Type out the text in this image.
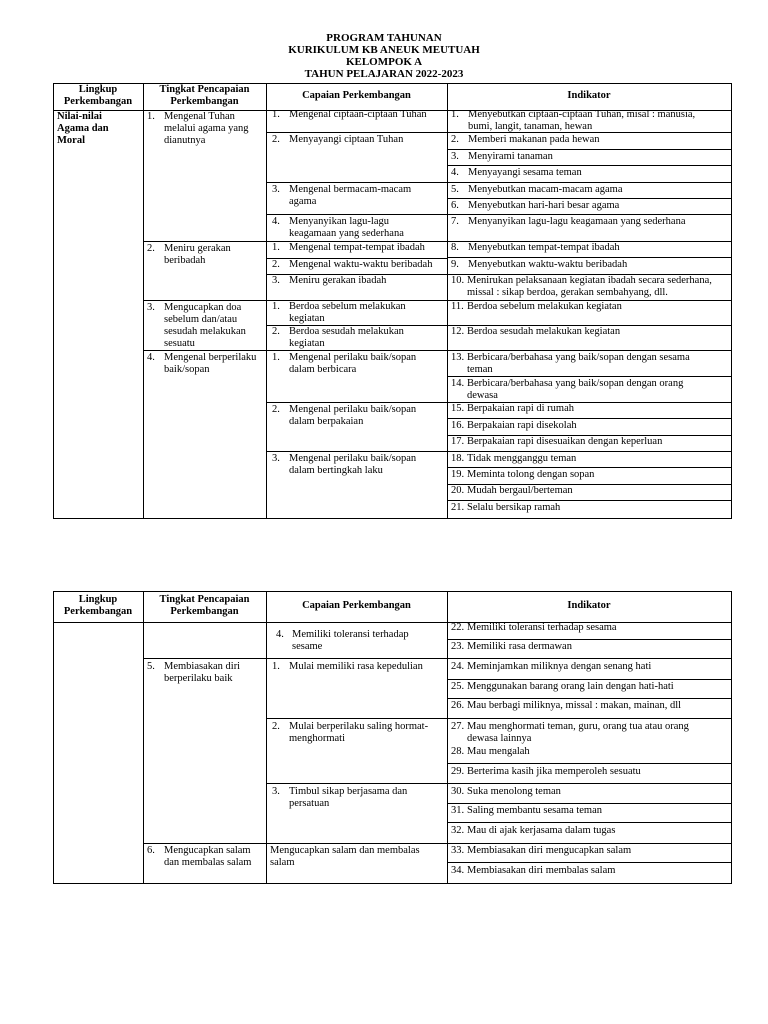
PROGRAM TAHUNAN
KURIKULUM KB ANEUK MEUTUAH
KELOMPOK A
TAHUN PELAJARAN 2022-2023
Lingkup
Perkembangan
Tingkat Pencapaian
Perkembangan
Capaian Perkembangan	Indikator
Nilai-nilai
Agama dan
Moral
1. Mengenal Tuhan
melalui agama yang
dianutnya
2. Meniru gerakan
beribadah
3. Mengucapkan doa
sebelum dan/atau
sesudah melakukan
sesuatu
4. Mengenal berperilaku
baik/sopan
1. Mengenal ciptaan-ciptaan Tuhan
2. Menyayangi ciptaan Tuhan
3. Mengenal bermacam-macam
agama
4. Menyanyikan lagu-lagu
keagamaan yang sederhana
1. Mengenal tempat-tempat ibadah
2. Mengenal waktu-waktu beribadah
3. Meniru gerakan ibadah
1. Berdoa sebelum melakukan
kegiatan
2. Berdoa sesudah melakukan
kegiatan
1. Mengenal perilaku baik/sopan
dalam berbicara
2. Mengenal perilaku baik/sopan
dalam berpakaian
3. Mengenal perilaku baik/sopan
dalam bertingkah laku
1. Menyebutkan ciptaan-ciptaan Tuhan, misal : manusia,
bumi, langit, tanaman, hewan
2. Memberi makanan pada hewan
3. Menyirami tanaman
4. Menyayangi sesama teman
5. Menyebutkan macam-macam agama
6. Menyebutkan hari-hari besar agama
7. Menyanyikan lagu-lagu keagamaan yang sederhana
8. Menyebutkan tempat-tempat ibadah
9. Menyebutkan waktu-waktu beribadah
10. Menirukan pelaksanaan kegiatan ibadah secara sederhana,
missal : sikap berdoa, gerakan sembahyang, dll.
11. Berdoa sebelum melakukan kegiatan
12. Berdoa sesudah melakukan kegiatan
13. Berbicara/berbahasa yang baik/sopan dengan sesama
teman
14. Berbicara/berbahasa yang baik/sopan dengan orang
dewasa
15. Berpakaian rapi di rumah
16. Berpakaian rapi disekolah
17. Berpakaian rapi disesuaikan dengan keperluan
18. Tidak mengganggu teman
19. Meminta tolong dengan sopan
20. Mudah bergaul/berteman
21. Selalu bersikap ramah
Lingkup
Perkembangan
Tingkat Pencapaian
Perkembangan
Capaian Perkembangan	Indikator
5. Membiasakan diri
berperilaku baik
6. Mengucapkan salam
dan membalas salam
4. Memiliki toleransi terhadap
sesame
1. Mulai memiliki rasa kepedulian
2. Mulai berperilaku saling hormat-
menghormati
3. Timbul sikap berjasama dan
persatuan
Mengucapkan salam dan membalas
salam
22. Memiliki toleransi terhadap sesama
23. Memiliki rasa dermawan
24. Meminjamkan miliknya dengan senang hati
25. Menggunakan barang orang lain dengan hati-hati
26. Mau berbagi miliknya, missal : makan, mainan, dll
27. Mau menghormati teman, guru, orang tua atau orang
dewasa lainnya
28. Mau mengalah
29. Berterima kasih jika memperoleh sesuatu
30. Suka menolong teman
31. Saling membantu sesama teman
32. Mau di ajak kerjasama dalam tugas
33. Membiasakan diri mengucapkan salam
34. Membiasakan diri membalas salam
